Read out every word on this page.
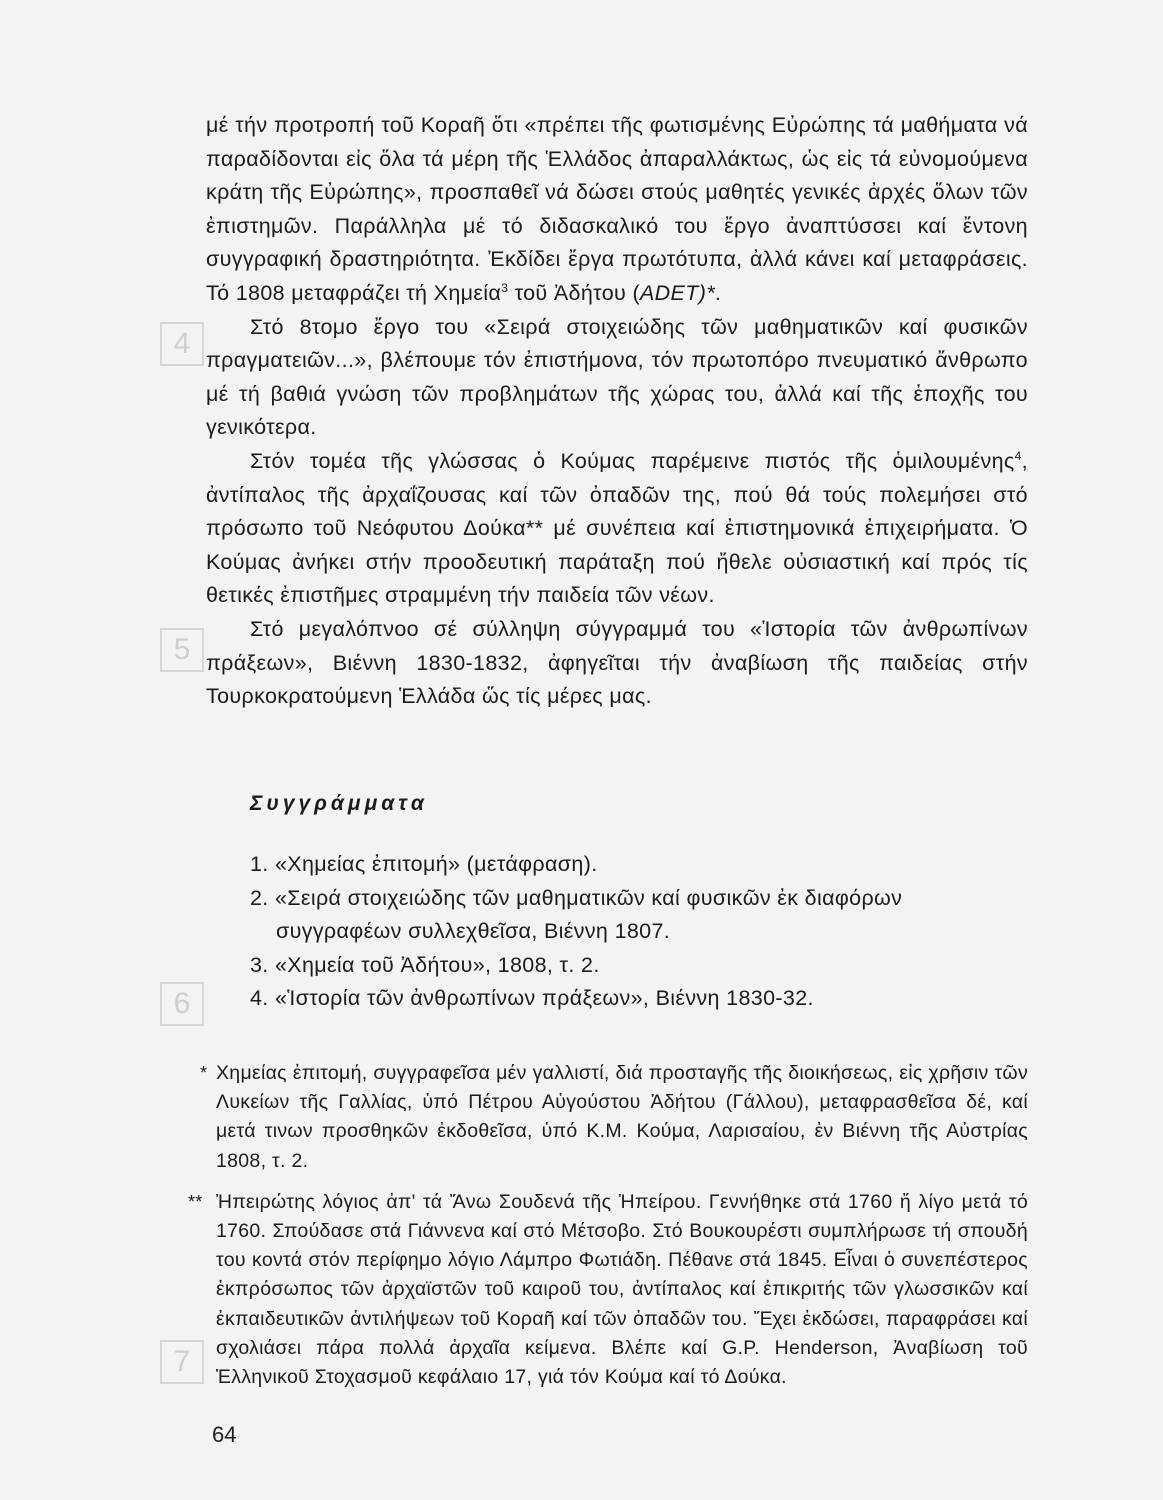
4
5
6
7

μέ τήν προτροπή τοῦ Κοραῆ ὅτι «πρέπει τῆς φωτισμένης Εὐρώπης τά μαθήματα νά παραδίδονται εἰς ὅλα τά μέρη τῆς Ἑλλάδος ἀπαραλλάκτως, ὡς εἰς τά εὐνομούμενα κράτη τῆς Εὐρώπης», προσπαθεῖ νά δώσει στούς μαθητές γενικές ἀρχές ὅλων τῶν ἐπιστημῶν. Παράλληλα μέ τό διδασκαλικό του ἔργο ἀναπτύσσει καί ἔντονη συγγραφική δραστηριότητα. Ἐκδίδει ἔργα πρωτότυπα, ἀλλά κάνει καί μεταφράσεις. Τό 1808 μεταφράζει τή Χημεία$^3$ τοῦ Ἀδήτου (ADET)*.

Στό 8τομο ἔργο του «Σειρά στοιχειώδης τῶν μαθηματικῶν καί φυσικῶν πραγματειῶν...», βλέπουμε τόν ἐπιστήμονα, τόν πρωτοπόρο πνευματικό ἄνθρωπο μέ τή βαθιά γνώση τῶν προβλημάτων τῆς χώρας του, ἀλλά καί τῆς ἐποχῆς του γενικότερα.

Στόν τομέα τῆς γλώσσας ὁ Κούμας παρέμεινε πιστός τῆς ὁμιλουμένης$^4$, ἀντίπαλος τῆς ἀρχαΐζουσας καί τῶν ὀπαδῶν της, πού θά τούς πολεμήσει στό πρόσωπο τοῦ Νεόφυτου Δούκα** μέ συνέπεια καί ἐπιστημονικά ἐπιχειρήματα. Ὁ Κούμας ἀνήκει στήν προοδευτική παράταξη πού ἤθελε οὐσιαστική καί πρός τίς θετικές ἐπιστῆμες στραμμένη τήν παιδεία τῶν νέων.

Στό μεγαλόπνοο σέ σύλληψη σύγγραμμά του «Ἱστορία τῶν ἀνθρωπίνων πράξεων», Βιέννη 1830-1832, ἀφηγεῖται τήν ἀναβίωση τῆς παιδείας στήν Τουρκοκρατούμενη Ἑλλάδα ὥς τίς μέρες μας.

Συγγράμματα
1. «Χημείας ἐπιτομή» (μετάφραση).
2. «Σειρά στοιχειώδης τῶν μαθηματικῶν καί φυσικῶν ἐκ διαφόρων συγγραφέων συλλεχθεῖσα, Βιέννη 1807.
3. «Χημεία τοῦ Ἀδήτου», 1808, τ. 2.
4. «Ἱστορία τῶν ἀνθρωπίνων πράξεων», Βιέννη 1830-32.
* Χημείας ἐπιτομή, συγγραφεῖσα μέν γαλλιστί, διά προσταγῆς τῆς διοικήσεως, εἰς χρῆσιν τῶν Λυκείων τῆς Γαλλίας, ὑπό Πέτρου Αὐγούστου Ἀδήτου (Γάλλου), μεταφρασθεῖσα δέ, καί μετά τινων προσθηκῶν ἐκδοθεῖσα, ὑπό Κ.Μ. Κούμα, Λαρισαίου, ἐν Βιέννη τῆς Αὐστρίας 1808, τ. 2.
** Ἠπειρώτης λόγιος ἀπ' τά Ἄνω Σουδενά τῆς Ἠπείρου. Γεννήθηκε στά 1760 ἤ λίγο μετά τό 1760. Σπούδασε στά Γιάννενα καί στό Μέτσοβο. Στό Βουκουρέστι συμπλήρωσε τή σπουδή του κοντά στόν περίφημο λόγιο Λάμπρο Φωτιάδη. Πέθανε στά 1845. Εἶναι ὁ συνεπέστερος ἐκπρόσωπος τῶν ἀρχαϊστῶν τοῦ καιροῦ του, ἀντίπαλος καί ἐπικριτής τῶν γλωσσικῶν καί ἐκπαιδευτικῶν ἀντιλήψεων τοῦ Κοραῆ καί τῶν ὀπαδῶν του. Ἔχει ἐκδώσει, παραφράσει καί σχολιάσει πάρα πολλά ἀρχαῖα κείμενα. Βλέπε καί G.P. Henderson, Ἀναβίωση τοῦ Ἑλληνικοῦ Στοχασμοῦ κεφάλαιο 17, γιά τόν Κούμα καί τό Δούκα.
64
